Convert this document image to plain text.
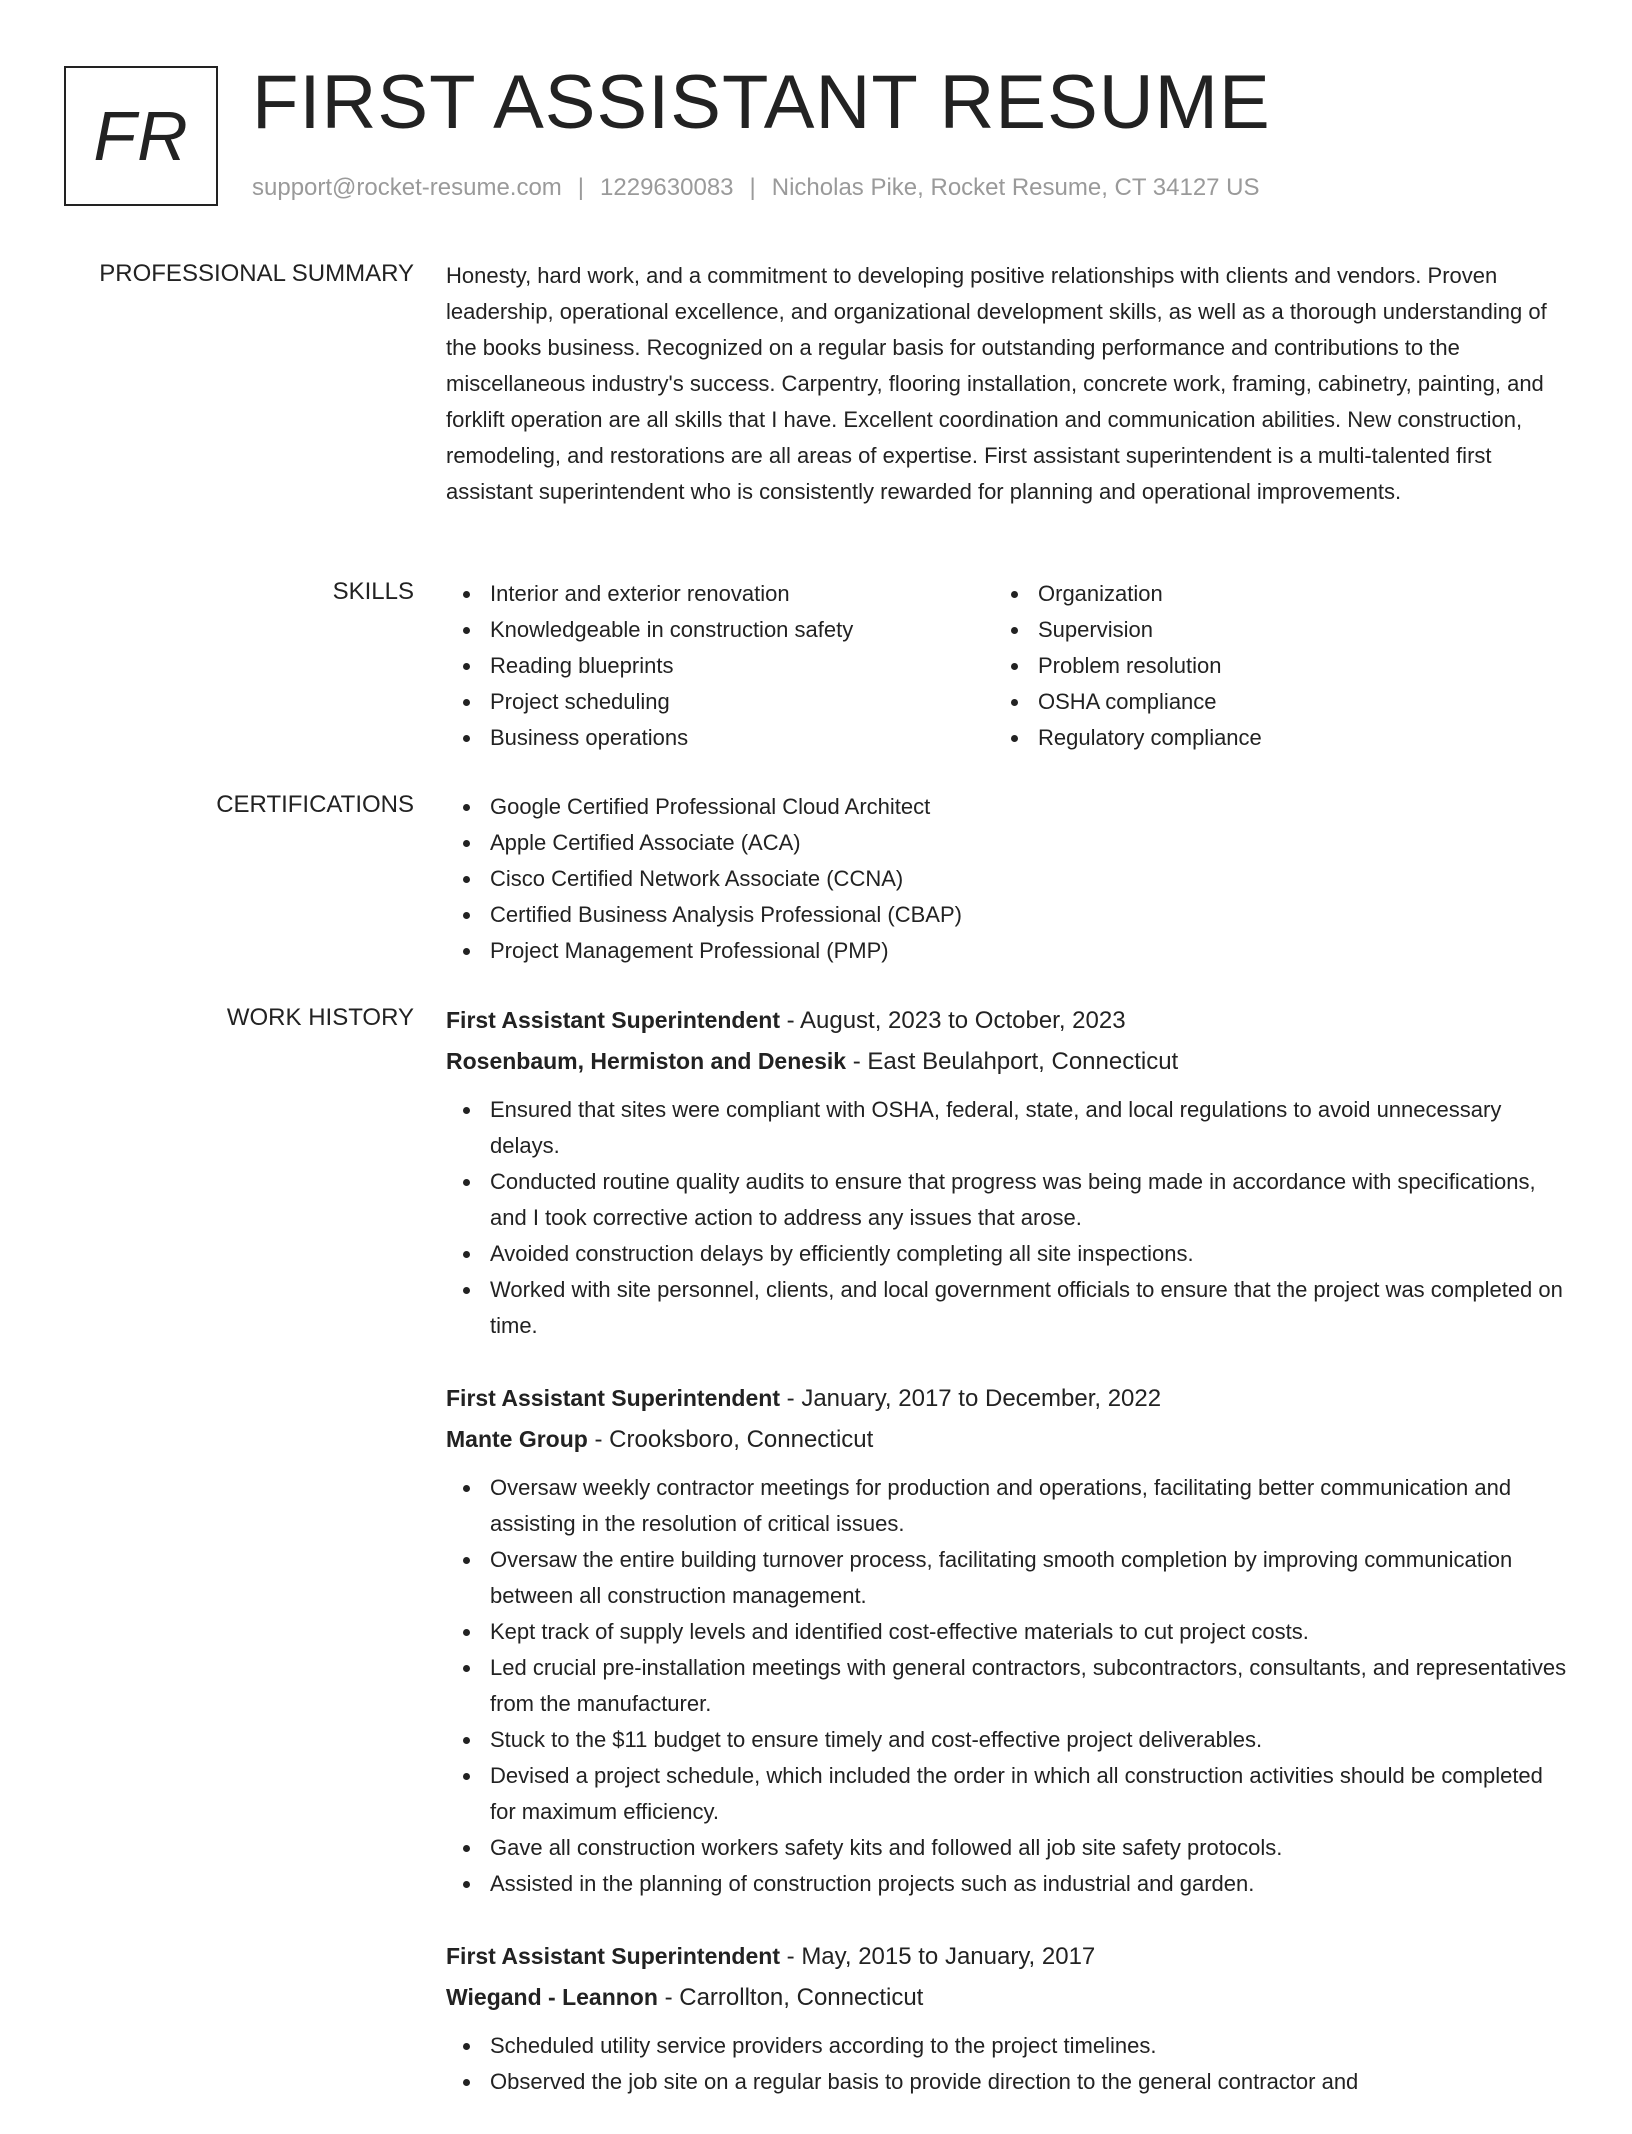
FR FIRST ASSISTANT RESUME
support@rocket-resume.com | 1229630083 | Nicholas Pike, Rocket Resume, CT 34127 US
PROFESSIONAL SUMMARY Honesty, hard work, and a commitment to developing positive relationships with clients and vendors. Proven leadership, operational excellence, and organizational development skills, as well as a thorough understanding of the books business. Recognized on a regular basis for outstanding performance and contributions to the miscellaneous industry's success. Carpentry, flooring installation, concrete work, framing, cabinetry, painting, and forklift operation are all skills that I have. Excellent coordination and communication abilities. New construction, remodeling, and restorations are all areas of expertise. First assistant superintendent is a multi-talented first assistant superintendent who is consistently rewarded for planning and operational improvements.

SKILLS	Interior and exterior renovation
Knowledgeable in construction safety
Reading blueprints
Project scheduling
Business operations
Organization
Supervision
Problem resolution
OSHA compliance
Regulatory compliance
CERTIFICATIONS	Google Certified Professional Cloud Architect
Apple Certified Associate (ACA)
Cisco Certified Network Associate (CCNA)
Certified Business Analysis Professional (CBAP)
Project Management Professional (PMP)
WORK HISTORY First Assistant Superintendent - August, 2023 to October, 2023
Rosenbaum, Hermiston and Denesik - East Beulahport, Connecticut
Ensured that sites were compliant with OSHA, federal, state, and local regulations to avoid unnecessary delays.
Conducted routine quality audits to ensure that progress was being made in accordance with specifications, and I took corrective action to address any issues that arose.
Avoided construction delays by efficiently completing all site inspections.
Worked with site personnel, clients, and local government officials to ensure that the project was completed on time.
First Assistant Superintendent - January, 2017 to December, 2022
Mante Group - Crooksboro, Connecticut
Oversaw weekly contractor meetings for production and operations, facilitating better communication and assisting in the resolution of critical issues.
Oversaw the entire building turnover process, facilitating smooth completion by improving communication between all construction management.
Kept track of supply levels and identified cost-effective materials to cut project costs.
Led crucial pre-installation meetings with general contractors, subcontractors, consultants, and representatives from the manufacturer.
Stuck to the $11 budget to ensure timely and cost-effective project deliverables.
Devised a project schedule, which included the order in which all construction activities should be completed for maximum efficiency.
Gave all construction workers safety kits and followed all job site safety protocols.
Assisted in the planning of construction projects such as industrial and garden.
First Assistant Superintendent - May, 2015 to January, 2017
Wiegand - Leannon - Carrollton, Connecticut
Scheduled utility service providers according to the project timelines.
Observed the job site on a regular basis to provide direction to the general contractor and
